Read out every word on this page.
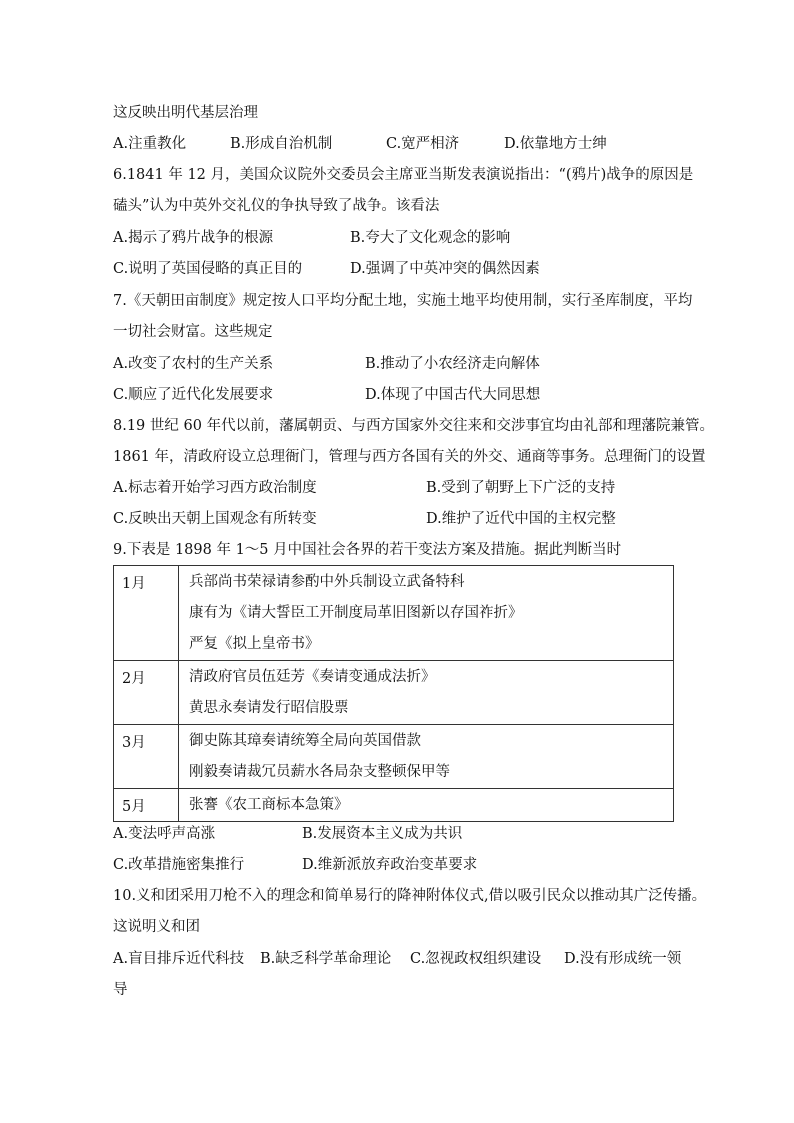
这反映出明代基层治理
A.注重教化	B.形成自治机制	C.宽严相济	D.依靠地方士绅
6.1841 年 12 月，美国众议院外交委员会主席亚当斯发表演说指出：“(鸦片)战争的原因是
磕头”认为中英外交礼仪的争执导致了战争。该看法
A.揭示了鸦片战争的根源	B.夸大了文化观念的影响
C.说明了英国侵略的真正目的	D.强调了中英冲突的偶然因素
7.《天朝田亩制度》规定按人口平均分配土地，实施土地平均使用制，实行圣库制度，平均
一切社会财富。这些规定
A.改变了农村的生产关系	B.推动了小农经济走向解体
C.顺应了近代化发展要求	D.体现了中国古代大同思想
8.19 世纪 60 年代以前，藩属朝贡、与西方国家外交往来和交涉事宜均由礼部和理藩院兼管。
1861 年，清政府设立总理衙门，管理与西方各国有关的外交、通商等事务。总理衙门的设置
A.标志着开始学习西方政治制度	B.受到了朝野上下广泛的支持
C.反映出天朝上国观念有所转变	D.维护了近代中国的主权完整
9.下表是 1898 年 1～5 月中国社会各界的若干变法方案及措施。据此判断当时
1月	兵部尚书荣禄请参酌中外兵制设立武备特科
康有为《请大誓臣工开制度局革旧图新以存国祚折》
严复《拟上皇帝书》

2月	清政府官员伍廷芳《奏请变通成法折》
黄思永奏请发行昭信股票

3月	御史陈其璋奏请统筹全局向英国借款
刚毅奏请裁冗员薪水各局杂支整顿保甲等

5月	张謇《农工商标本急策》
A.变法呼声高涨	B.发展资本主义成为共识
C.改革措施密集推行	D.维新派放弃政治变革要求
10.义和团采用刀枪不入的理念和简单易行的降神附体仪式,借以吸引民众以推动其广泛传播。
这说明义和团
A.盲目排斥近代科技 B.缺乏科学革命理论 C.忽视政权组织建设 D.没有形成统一领
导
